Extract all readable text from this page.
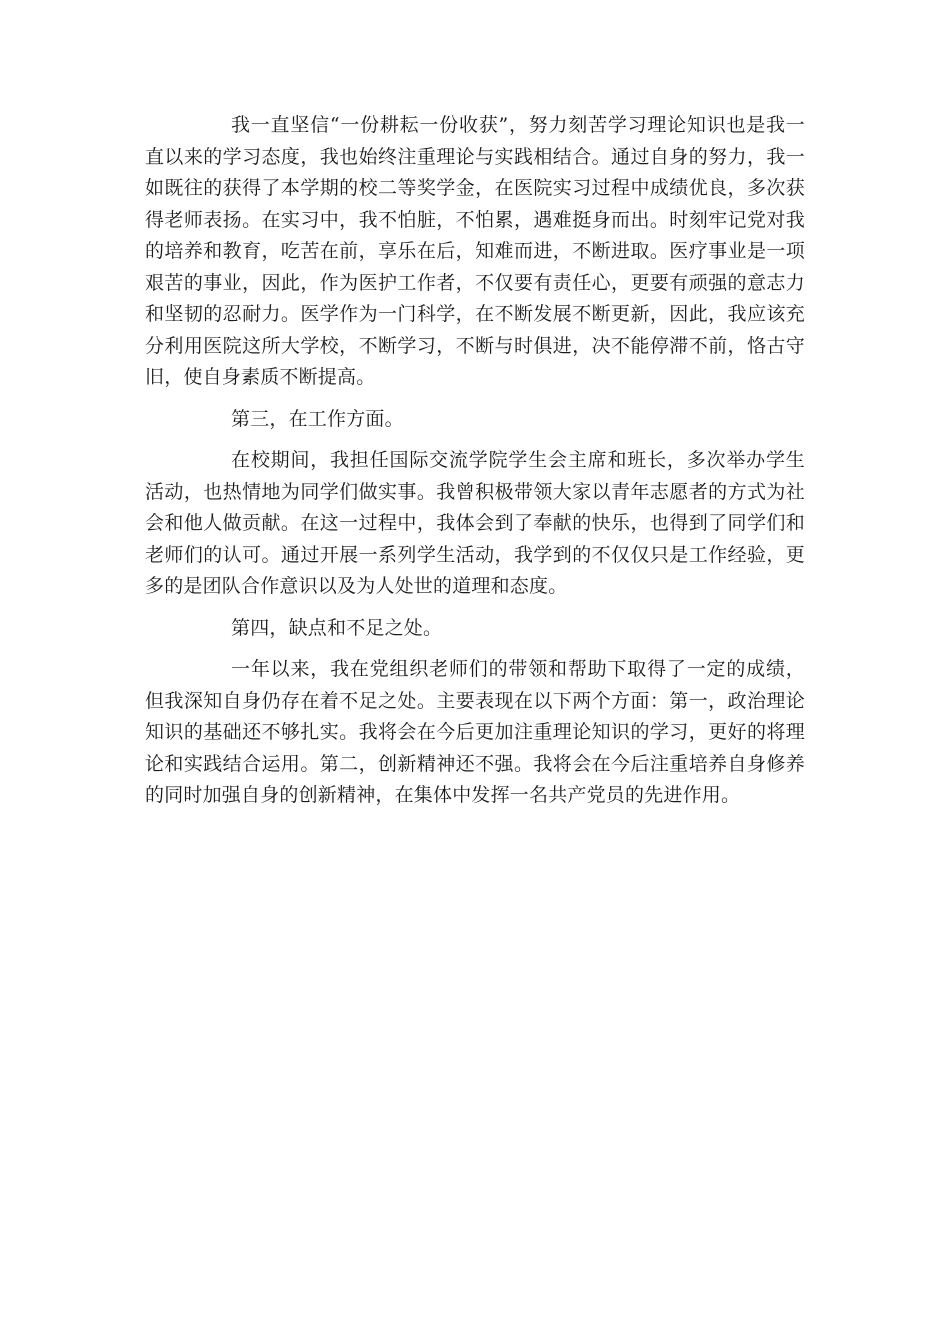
我一直坚信“一份耕耘一份收获”，努力刻苦学习理论知识也是我一直以来的学习态度，我也始终注重理论与实践相结合。通过自身的努力，我一如既往的获得了本学期的校二等奖学金，在医院实习过程中成绩优良，多次获得老师表扬。在实习中，我不怕脏，不怕累，遇难挺身而出。时刻牢记党对我的培养和教育，吃苦在前，享乐在后，知难而进，不断进取。医疗事业是一项艰苦的事业，因此，作为医护工作者，不仅要有责任心，更要有顽强的意志力和坚韧的忍耐力。医学作为一门科学，在不断发展不断更新，因此，我应该充分利用医院这所大学校，不断学习，不断与时俱进，决不能停滞不前，恪古守旧，使自身素质不断提高。

第三，在工作方面。

在校期间，我担任国际交流学院学生会主席和班长，多次举办学生活动，也热情地为同学们做实事。我曾积极带领大家以青年志愿者的方式为社会和他人做贡献。在这一过程中，我体会到了奉献的快乐，也得到了同学们和老师们的认可。通过开展一系列学生活动，我学到的不仅仅只是工作经验，更多的是团队合作意识以及为人处世的道理和态度。

第四，缺点和不足之处。

一年以来，我在党组织老师们的带领和帮助下取得了一定的成绩，但我深知自身仍存在着不足之处。主要表现在以下两个方面：第一，政治理论知识的基础还不够扎实。我将会在今后更加注重理论知识的学习，更好的将理论和实践结合运用。第二，创新精神还不强。我将会在今后注重培养自身修养的同时加强自身的创新精神，在集体中发挥一名共产党员的先进作用。
